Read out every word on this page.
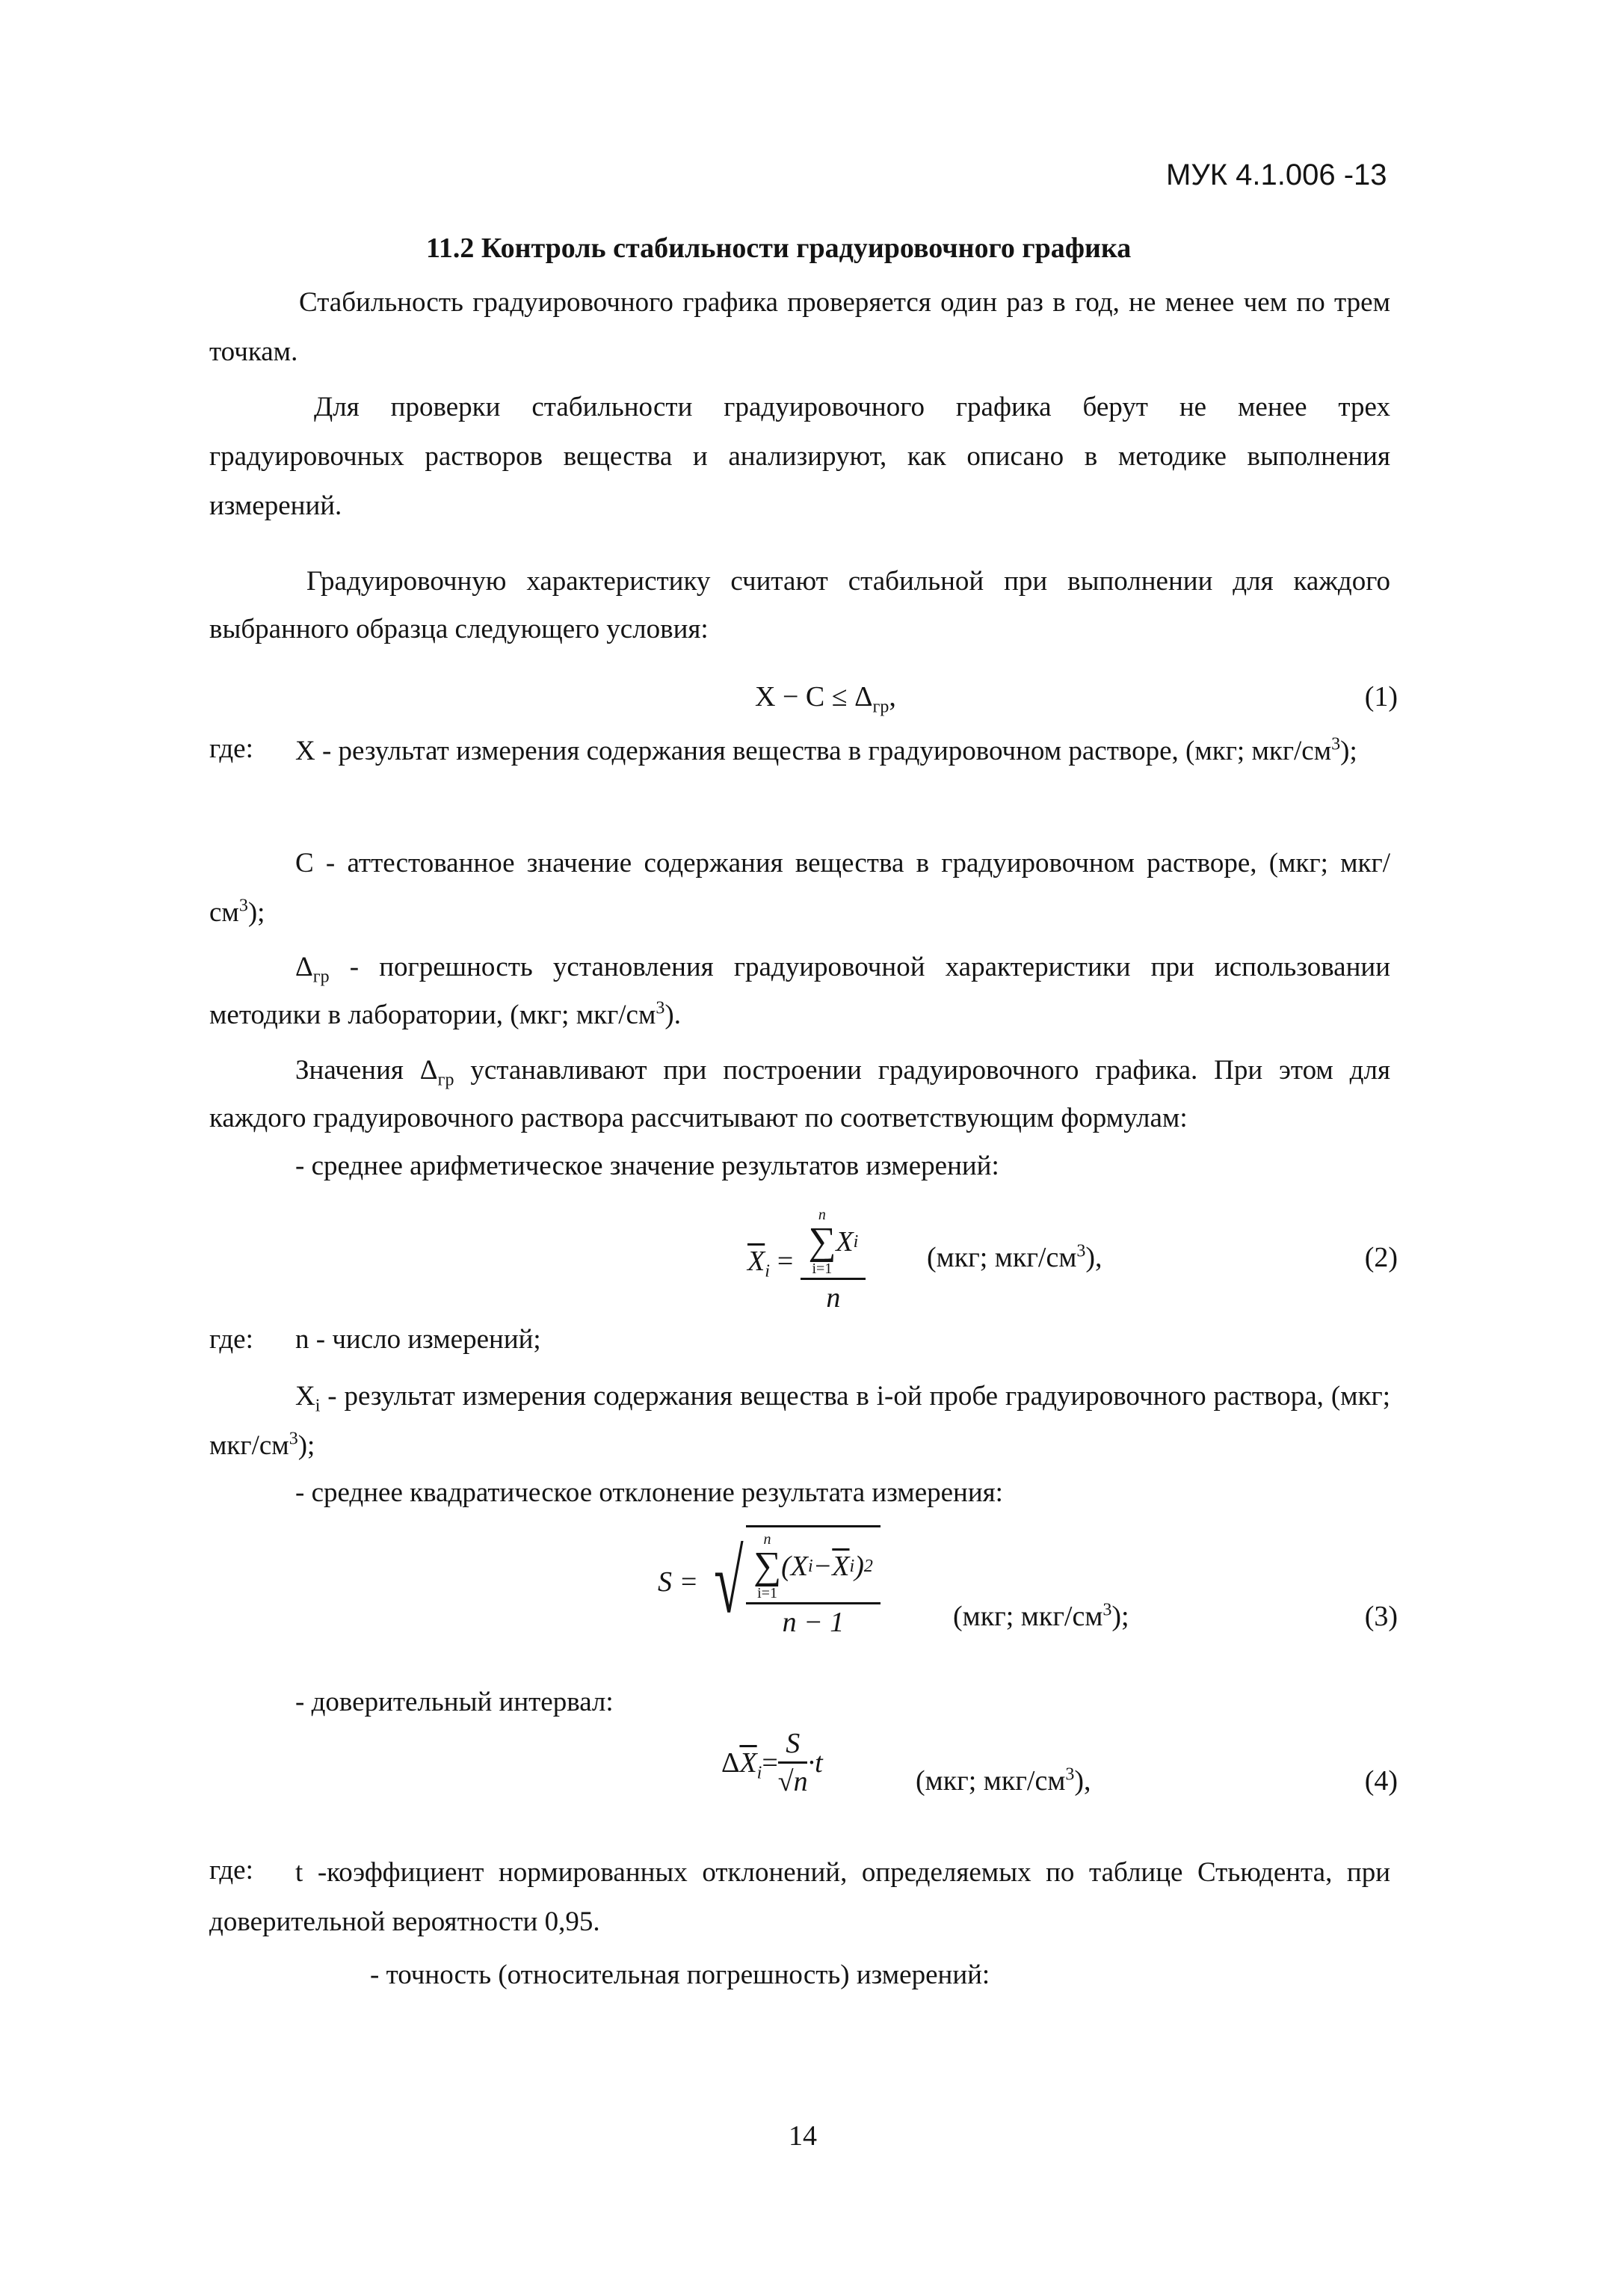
МУК 4.1.006 -13
11.2 Контроль стабильности градуировочного графика
Стабильность градуировочного графика проверяется один раз в год, не менее чем по трем точкам.
Для проверки стабильности градуировочного графика берут не менее трех градуировочных растворов вещества и анализируют, как описано в методике выполнения измерений.
Градуировочную характеристику считают стабильной при выполнении для каждого выбранного образца следующего условия:
$X - C \le \Delta_{гр}$,	(1)
где:	X - результат измерения содержания вещества в градуировочном растворе, (мкг; мкг/$см^3$);
С - аттестованное значение содержания вещества в градуировочном растворе, (мкг; мкг/$см^3$);
$\Delta_{гр}$ - погрешность установления градуировочной характеристики при использовании методики в лаборатории, (мкг; мкг/$см^3$).
Значения $\Delta_{гр}$ устанавливают при построении градуировочного графика. При этом для каждого градуировочного раствора рассчитывают по соответствующим формулам:
- среднее арифметическое значение результатов измерений:
$\overline{X}_i = n$
∑
i=1
X i
n (мкг; мкг/$см^3$),	(2)
где: n - число измерений;
$X_i$ - результат измерения содержания вещества в i-ой пробе градуировочного раствора, (мкг; мкг/$см^3$);
- среднее квадратическое отклонение результата измерения:
S = √ n
∑
i=1
(X $i - \overline{X}$ i ) 2
n − 1	(мкг; мкг/$см^3$);	(3)
- доверительный интервал:
$\Delta\overline{X}_i = \frac{S}{√n} \cdot t$
(мкг; мкг/$см^3$),	(4)
где:	t -коэффициент нормированных отклонений, определяемых по таблице Стьюдента, при доверительной вероятности 0,95.
- точность (относительная погрешность) измерений:
14
